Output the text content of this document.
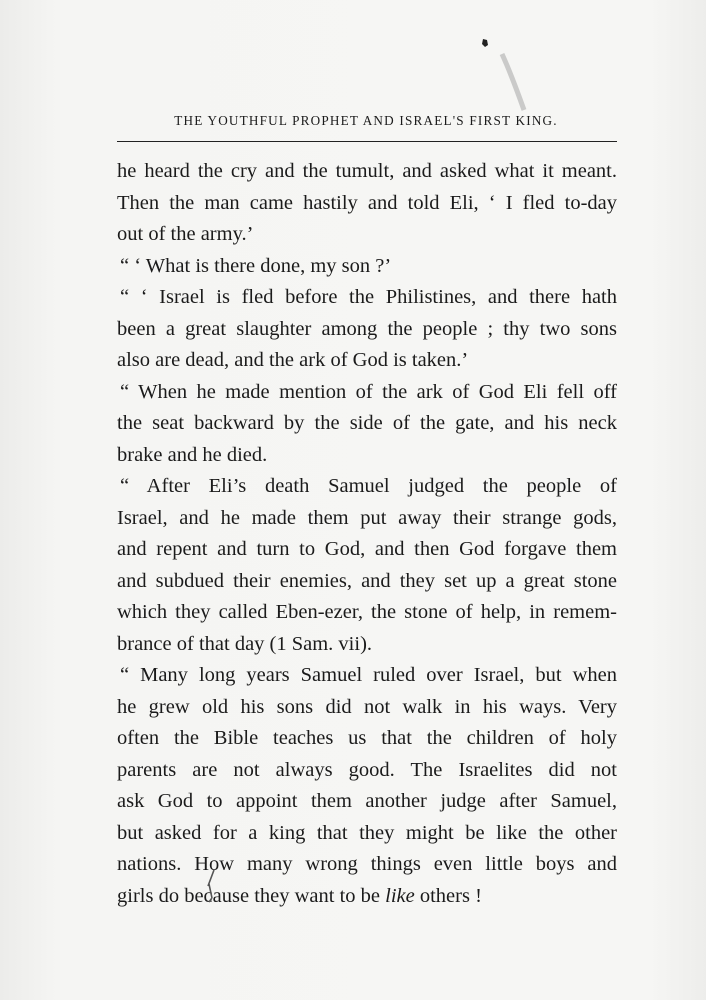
THE YOUTHFUL PROPHET AND ISRAEL'S FIRST KING.
he heard the cry and the tumult, and asked what it meant.
Then the man came hastily and told Eli, ‘ I fled to-day
out of the army.’
“ ‘ What is there done, my son ?’
“ ‘ Israel is fled before the Philistines, and there hath
been a great slaughter among the people ; thy two sons
also are dead, and the ark of God is taken.’
“ When he made mention of the ark of God Eli fell off
the seat backward by the side of the gate, and his neck
brake and he died.
“ After Eli’s death Samuel judged the people of
Israel, and he made them put away their strange gods,
and repent and turn to God, and then God forgave them
and subdued their enemies, and they set up a great stone
which they called Eben-ezer, the stone of help, in remem-
brance of that day (1 Sam. vii).
“ Many long years Samuel ruled over Israel, but when
he grew old his sons did not walk in his ways. Very
often the Bible teaches us that the children of holy
parents are not always good. The Israelites did not
ask God to appoint them another judge after Samuel,
but asked for a king that they might be like the other
nations. How many wrong things even little boys and
girls do because they want to be like others !
